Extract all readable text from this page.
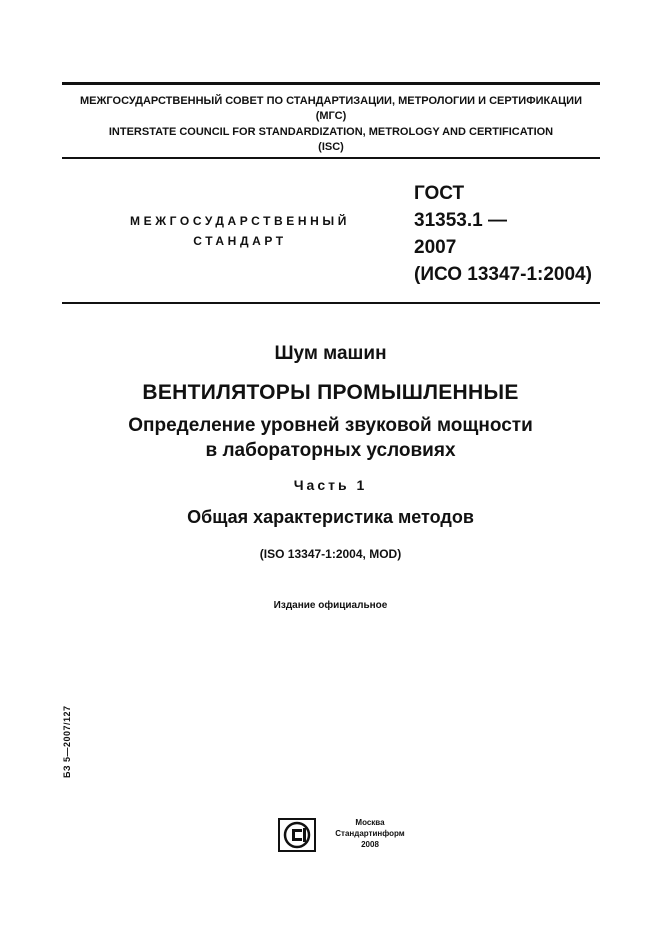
МЕЖГОСУДАРСТВЕННЫЙ СОВЕТ ПО СТАНДАРТИЗАЦИИ, МЕТРОЛОГИИ И СЕРТИФИКАЦИИ
(МГС)
INTERSTATE COUNCIL FOR STANDARDIZATION, METROLOGY AND CERTIFICATION
(ISC)
МЕЖГОСУДАРСТВЕННЫЙ
СТАНДАРТ
ГОСТ
31353.1 —
2007
(ИСО 13347-1:2004)
Шум машин
ВЕНТИЛЯТОРЫ ПРОМЫШЛЕННЫЕ
Определение уровней звуковой мощности
в лабораторных условиях
Часть 1
Общая характеристика методов
(ISO 13347-1:2004, MOD)
Издание официальное
БЗ 5—2007/127
Москва
Стандартинформ
2008
